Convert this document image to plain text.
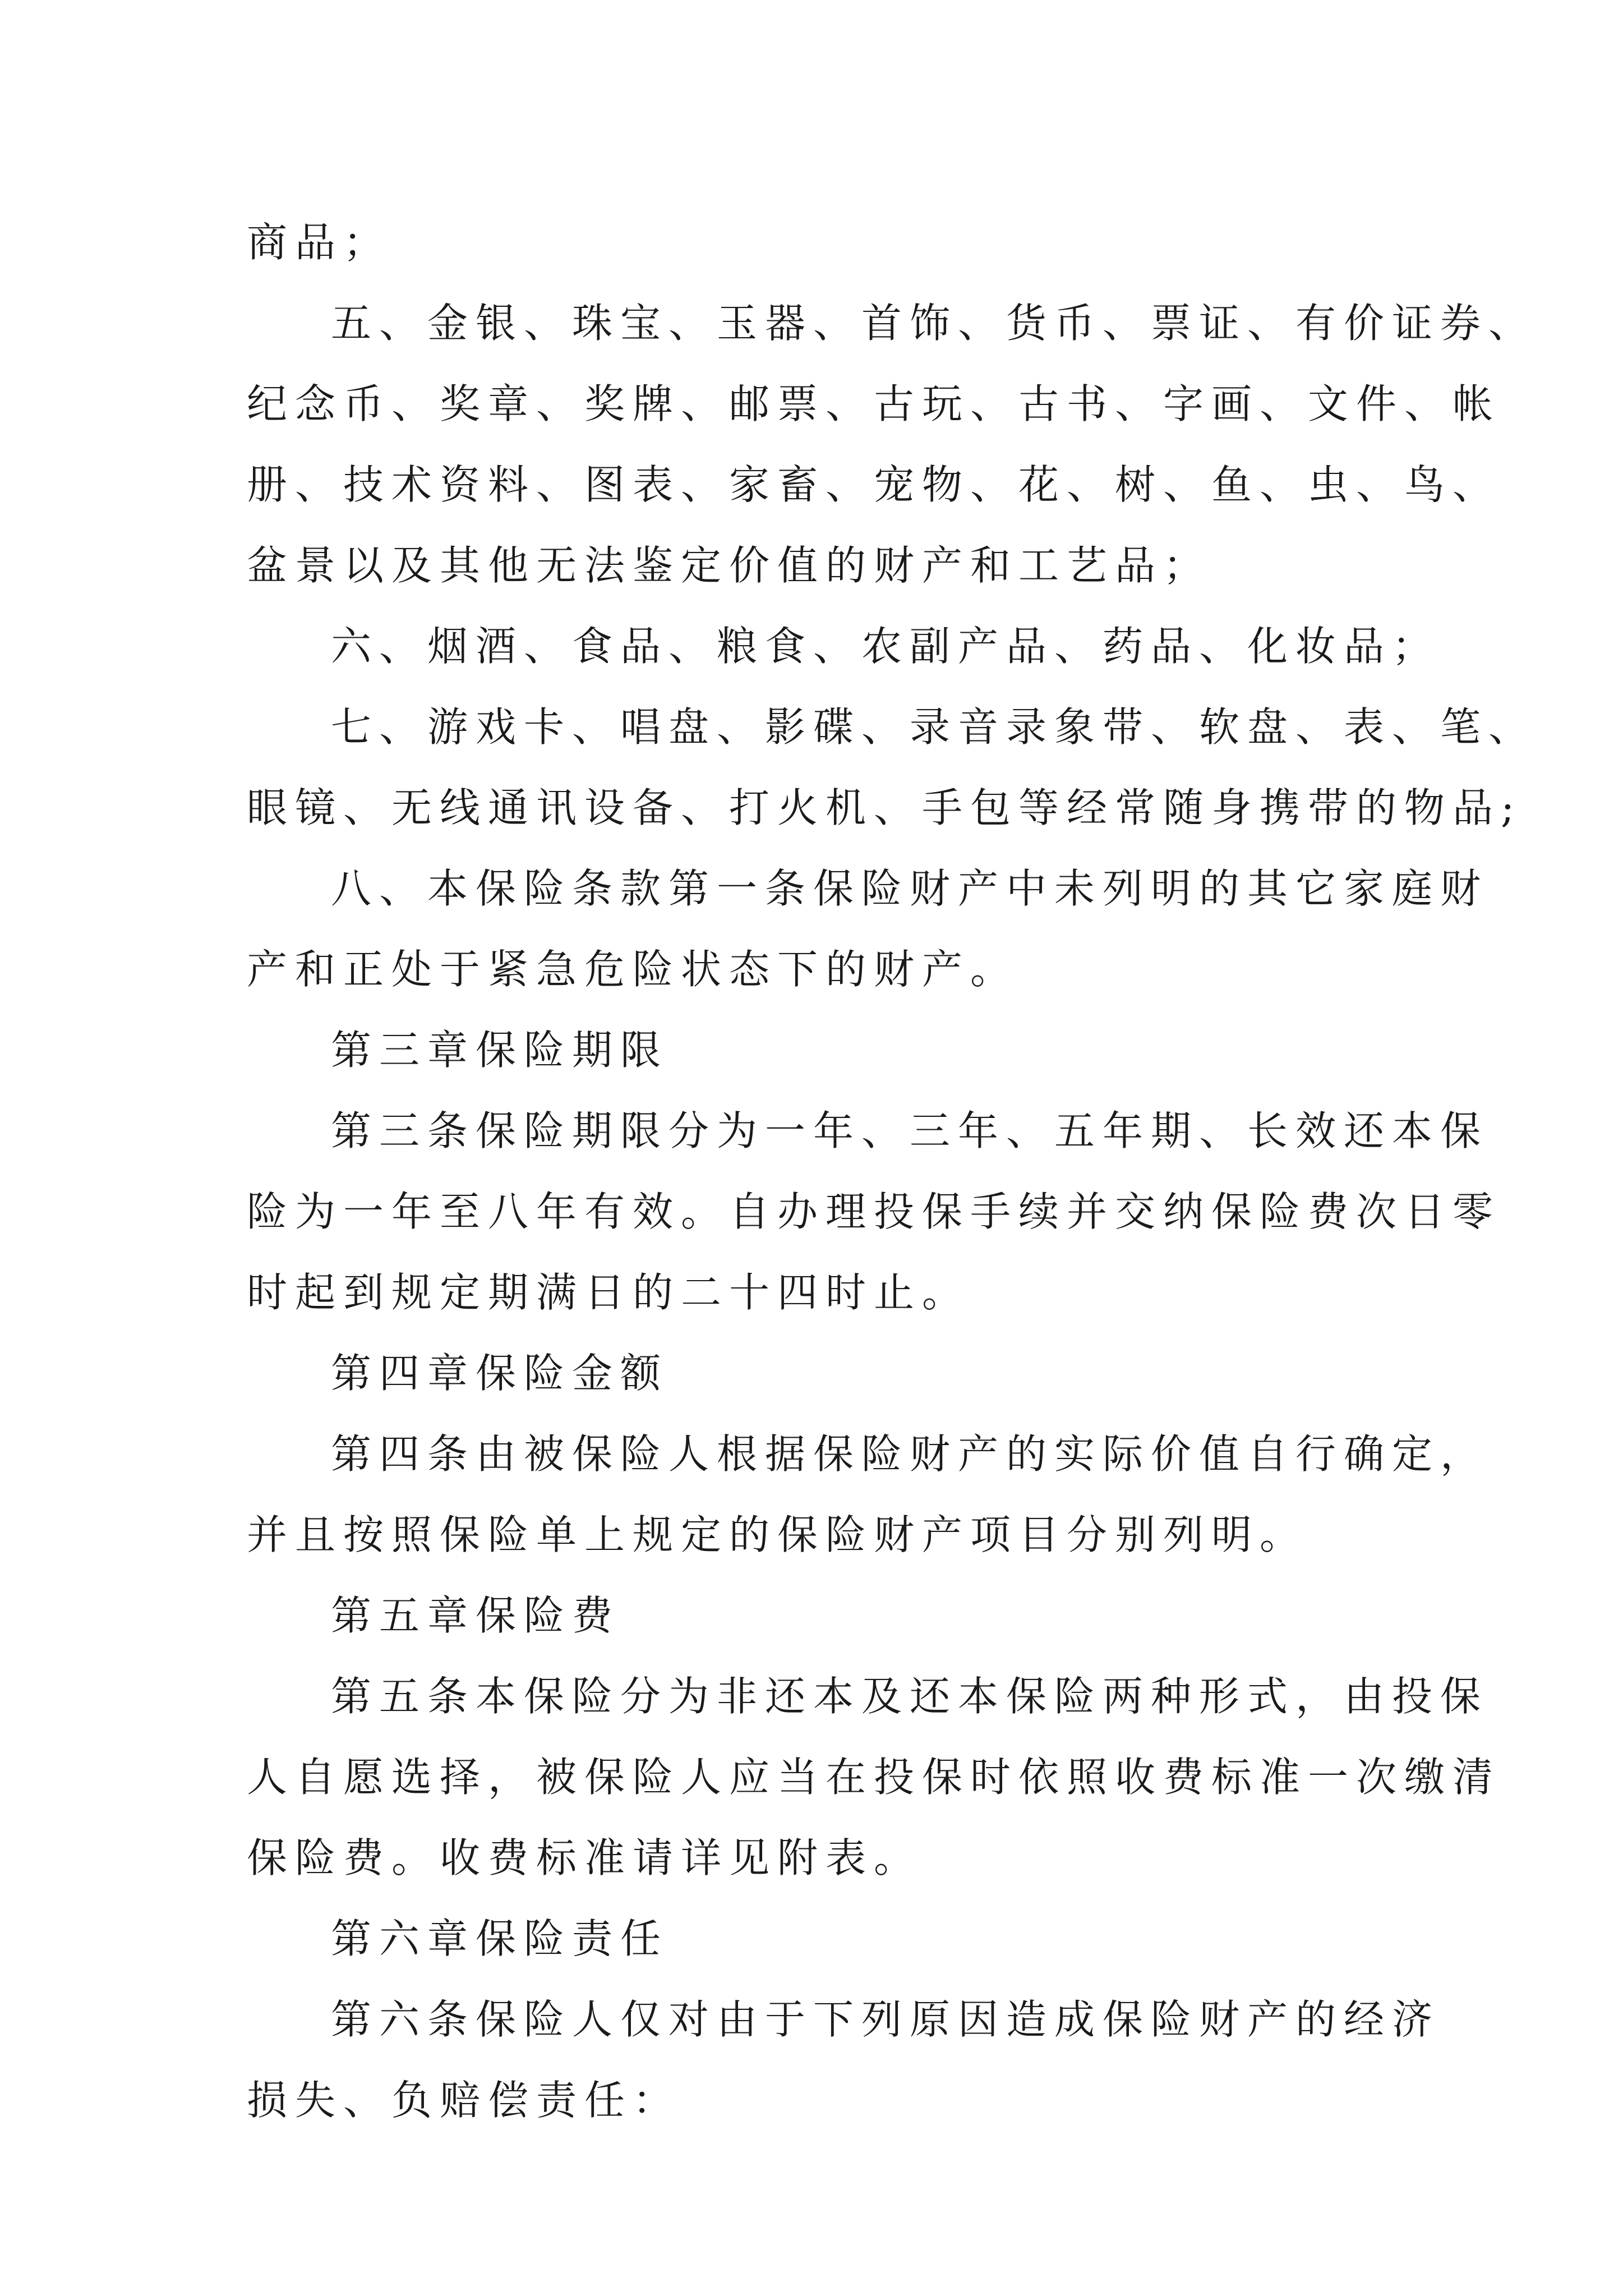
商品；
五、金银、珠宝、玉器、首饰、货币、票证、有价证券、
纪念币、奖章、奖牌、邮票、古玩、古书、字画、文件、帐
册、技术资料、图表、家畜、宠物、花、树、鱼、虫、鸟、
盆景以及其他无法鉴定价值的财产和工艺品；
六、烟酒、食品、粮食、农副产品、药品、化妆品；
七、游戏卡、唱盘、影碟、录音录象带、软盘、表、笔、
眼镜、无线通讯设备、打火机、手包等经常随身携带的物品;
八、本保险条款第一条保险财产中未列明的其它家庭财
产和正处于紧急危险状态下的财产。
第三章保险期限
第三条保险期限分为一年、三年、五年期、长效还本保
险为一年至八年有效。自办理投保手续并交纳保险费次日零
时起到规定期满日的二十四时止。
第四章保险金额
第四条由被保险人根据保险财产的实际价值自行确定，
并且按照保险单上规定的保险财产项目分别列明。
第五章保险费
第五条本保险分为非还本及还本保险两种形式，由投保
人自愿选择，被保险人应当在投保时依照收费标准一次缴清
保险费。收费标准请详见附表。
第六章保险责任
第六条保险人仅对由于下列原因造成保险财产的经济
损失、负赔偿责任：
